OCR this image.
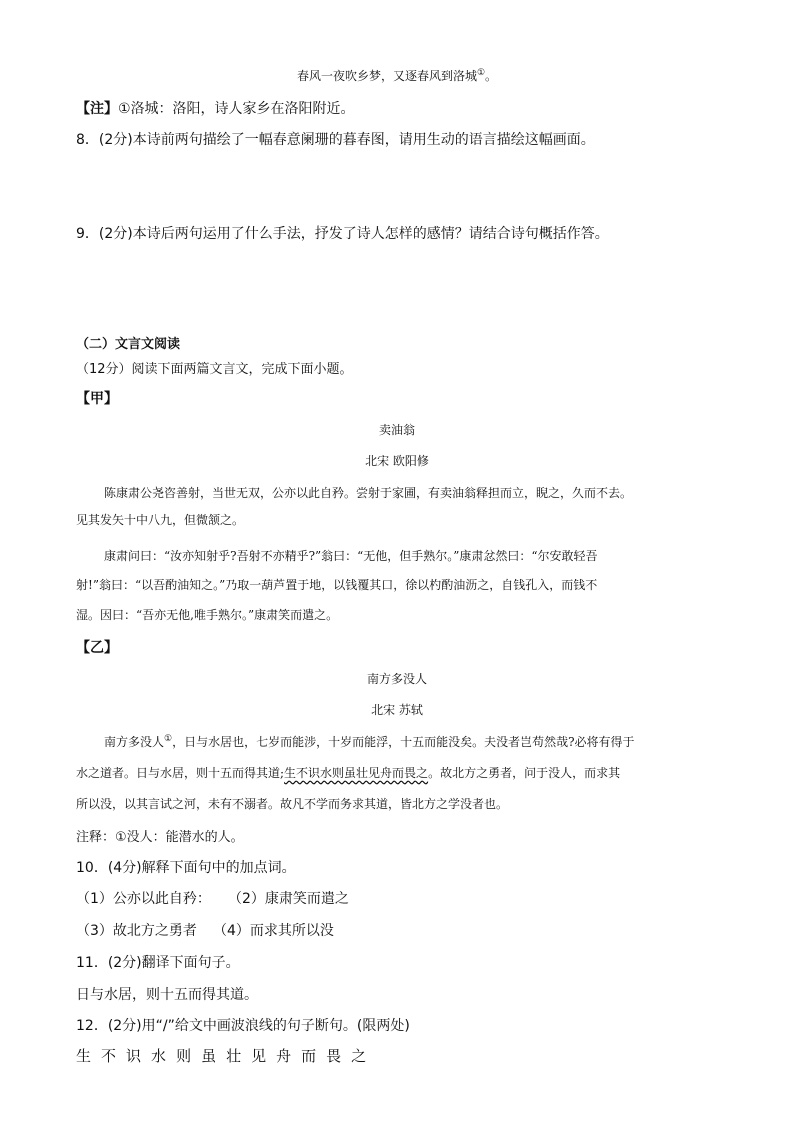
春风一夜吹乡梦，又逐春风到洛城①。
【注】①洛城：洛阳，诗人家乡在洛阳附近。
8．(2分)本诗前两句描绘了一幅春意阑珊的暮春图，请用生动的语言描绘这幅画面。
9．(2分)本诗后两句运用了什么手法，抒发了诗人怎样的感情？请结合诗句概括作答。
（二）文言文阅读
（12分）阅读下面两篇文言文，完成下面小题。
【甲】
卖油翁
北宋 欧阳修
陈康肃公尧咨善射，当世无双，公亦以此自矜。尝射于家圃，有卖油翁释担而立，睨之，久而不去。
见其发矢十中八九，但微颔之。
康肃问曰：“汝亦知射乎?吾射不亦精乎?”翁曰：“无他，但手熟尔。”康肃忿然曰：“尔安敢轻吾
射!”翁曰：“以吾酌油知之。”乃取一葫芦置于地，以钱覆其口，徐以杓酌油沥之，自钱孔入，而钱不
湿。因曰：“吾亦无他,唯手熟尔。”康肃笑而遣之。
【乙】
南方多没人
北宋 苏轼
南方多没人①，日与水居也，七岁而能涉，十岁而能浮，十五而能没矣。夫没者岂苟然哉?必将有得于
水之道者。日与水居，则十五而得其道;生不识水则虽壮见舟而畏之。故北方之勇者，问于没人，而求其
所以没，以其言试之河，未有不溺者。故凡不学而务求其道，皆北方之学没者也。
注释：①没人：能潜水的人。
10．(4分)解释下面句中的加点词。
（1）公亦以此自矜： （2）康肃笑而遣之
（3）故北方之勇者 （4）而求其所以没
11．(2分)翻译下面句子。
日与水居，则十五而得其道。
12．(2分)用“/”给文中画波浪线的句子断句。(限两处)
生不识水则虽壮见舟而畏之
